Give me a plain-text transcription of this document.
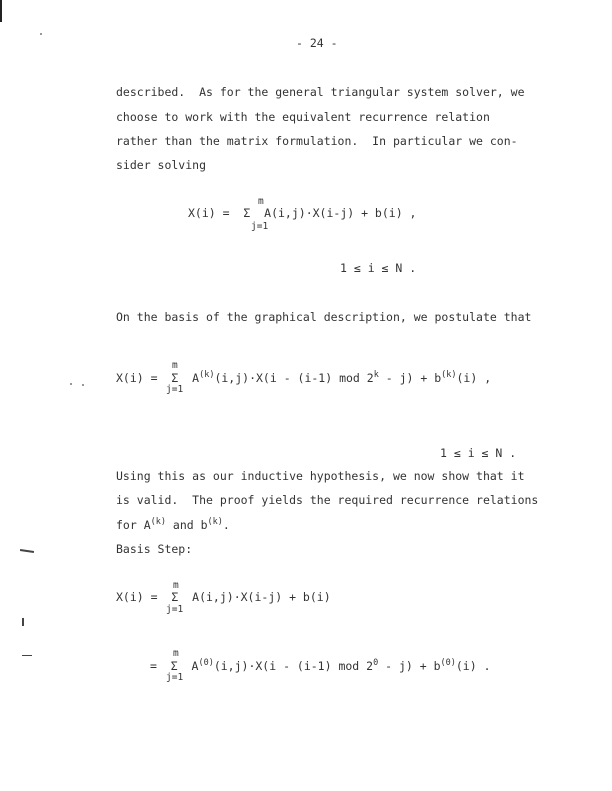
- 24 -
described.  As for the general triangular system solver, we
choose to work with the equivalent recurrence relation
rather than the matrix formulation.  In particular we con-
sider solving
m
X(i) =  Σ  A(i,j)·X(i-j) + b(i) ,
j=1
1 ≤ i ≤ N .
On the basis of the graphical description, we postulate that
m
X(i) =  Σ  $A^{(k)}(i,j)\cdot X(i - (i-1)$ mod $2^k - j) + b^{(k)}(i)$ ,
j=1
1 ≤ i ≤ N .
Using this as our inductive hypothesis, we now show that it
is valid.  The proof yields the required recurrence relations
for $A^{(k)}$ and $b^{(k)}$.
Basis Step:
m
X(i) =  Σ  A(i,j)·X(i-j) + b(i)
j=1
m
=  Σ  $A^{(0)}(i,j)\cdot X(i - (i-1)$ mod $2^0 - j) + b^{(0)}(i)$ .
j=1
